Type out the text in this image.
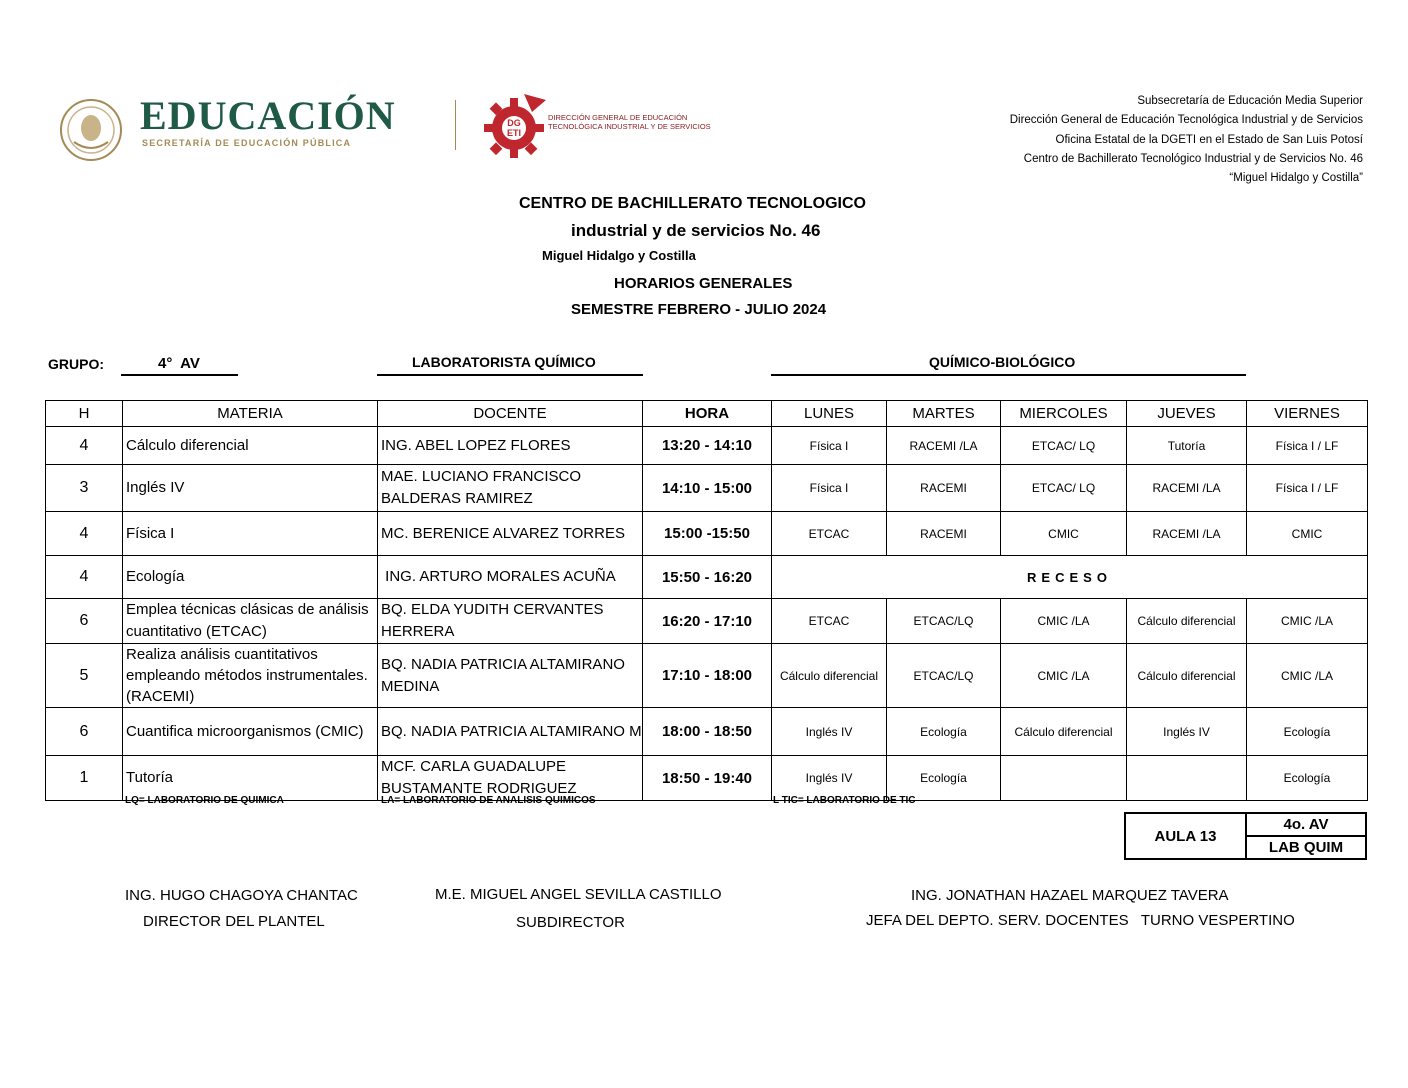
EDUCACIÓN
SECRETARÍA DE EDUCACIÓN PÚBLICA
DG
ETI
DIRECCIÓN GENERAL DE EDUCACIÓN
TECNOLÓGICA INDUSTRIAL Y DE SERVICIOS
Subsecretaría de Educación Media Superior
Dirección General de Educación Tecnológica Industrial y de Servicios
Oficina Estatal de la DGETI en el Estado de San Luis Potosí
Centro de Bachillerato Tecnológico Industrial y de Servicios No. 46
“Miguel Hidalgo y Costilla”
CENTRO DE BACHILLERATO TECNOLOGICO
industrial y de servicios No. 46
Miguel Hidalgo y Costilla
HORARIOS GENERALES
SEMESTRE FEBRERO - JULIO 2024
GRUPO:	4°  AV	LABORATORISTA QUÍMICO	QUÍMICO-BIOLÓGICO
H	MATERIA	DOCENTE	HORA	LUNES	MARTES	MIERCOLES	JUEVES	VIERNES
4	Cálculo diferencial	ING. ABEL LOPEZ FLORES	13:20 - 14:10	Física I	RACEMI /LA	ETCAC/ LQ	Tutoría	Física I / LF
3	Inglés IV	MAE. LUCIANO FRANCISCO BALDERAS RAMIREZ	14:10 - 15:00	Física I	RACEMI	ETCAC/ LQ	RACEMI /LA	Física I / LF
4	Física I	MC. BERENICE ALVAREZ TORRES	15:00 -15:50	ETCAC	RACEMI	CMIC	RACEMI /LA	CMIC
4	Ecología	ING. ARTURO MORALES ACUÑA	15:50 - 16:20	RECESO				
6	Emplea técnicas clásicas de análisis cuantitativo (ETCAC)	BQ. ELDA YUDITH CERVANTES HERRERA	16:20 - 17:10	ETCAC	ETCAC/LQ	CMIC /LA	Cálculo diferencial	CMIC /LA
5	Realiza análisis cuantitativos empleando métodos instrumentales. (RACEMI)	BQ. NADIA PATRICIA ALTAMIRANO MEDINA	17:10 - 18:00	Cálculo diferencial	ETCAC/LQ	CMIC /LA	Cálculo diferencial	CMIC /LA
6	Cuantifica microorganismos (CMIC)	BQ. NADIA PATRICIA ALTAMIRANO M	18:00 - 18:50	Inglés IV	Ecología	Cálculo diferencial	Inglés IV	Ecología
1	Tutoría	MCF. CARLA GUADALUPE BUSTAMANTE RODRIGUEZ	18:50 - 19:40	Inglés IV	Ecología			Ecología
LQ= LABORATORIO DE QUIMICA	LA= LABORATORIO DE ANALISIS QUIMICOS	L TIC= LABORATORIO DE TIC
AULA 13	4o. AV
LAB QUIM
ING. HUGO CHAGOYA CHANTAC
DIRECTOR DEL PLANTEL
M.E. MIGUEL ANGEL SEVILLA CASTILLO
SUBDIRECTOR
ING. JONATHAN HAZAEL MARQUEZ TAVERA
JEFA DEL DEPTO. SERV. DOCENTES   TURNO VESPERTINO
